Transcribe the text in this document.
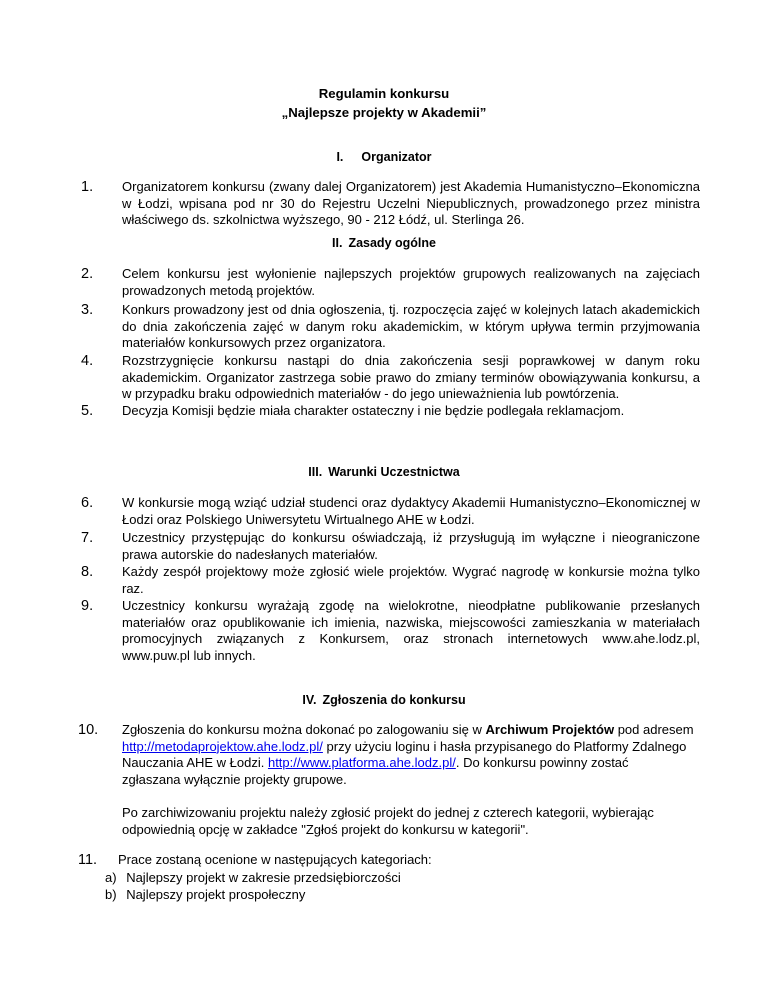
Regulamin konkursu
„Najlepsze projekty w Akademii”
I. Organizator
1. Organizatorem konkursu (zwany dalej Organizatorem) jest Akademia Humanistyczno–Ekonomiczna
w Łodzi, wpisana pod nr 30 do Rejestru Uczelni Niepublicznych, prowadzonego przez ministra
właściwego ds. szkolnictwa wyższego, 90 - 212 Łódź, ul. Sterlinga 26.
II. Zasady ogólne
2. Celem konkursu jest wyłonienie najlepszych projektów grupowych realizowanych na zajęciach
prowadzonych metodą projektów.
3. Konkurs prowadzony jest od dnia ogłoszenia, tj. rozpoczęcia zajęć w kolejnych latach akademickich
do dnia zakończenia zajęć w danym roku akademickim, w którym upływa termin przyjmowania
materiałów konkursowych przez organizatora.
4. Rozstrzygnięcie konkursu nastąpi do dnia zakończenia sesji poprawkowej w danym roku
akademickim. Organizator zastrzega sobie prawo do zmiany terminów obowiązywania konkursu, a
w przypadku braku odpowiednich materiałów - do jego unieważnienia lub powtórzenia.
5. Decyzja Komisji będzie miała charakter ostateczny i nie będzie podlegała reklamacjom.
III. Warunki Uczestnictwa
6. W konkursie mogą wziąć udział studenci oraz dydaktycy Akademii Humanistyczno–Ekonomicznej w
Łodzi oraz Polskiego Uniwersytetu Wirtualnego AHE w Łodzi.
7. Uczestnicy przystępując do konkursu oświadczają, iż przysługują im wyłączne i nieograniczone
prawa autorskie do nadesłanych materiałów.
8. Każdy zespół projektowy może zgłosić wiele projektów. Wygrać nagrodę w konkursie można tylko
raz.
9. Uczestnicy konkursu wyrażają zgodę na wielokrotne, nieodpłatne publikowanie przesłanych
materiałów oraz opublikowanie ich imienia, nazwiska, miejscowości zamieszkania w materiałach
promocyjnych związanych z Konkursem, oraz stronach internetowych www.ahe.lodz.pl,
www.puw.pl lub innych.
IV. Zgłoszenia do konkursu
10. Zgłoszenia do konkursu można dokonać po zalogowaniu się w Archiwum Projektów pod adresem
http://metodaprojektow.ahe.lodz.pl/ przy użyciu loginu i hasła przypisanego do Platformy Zdalnego
Nauczania AHE w Łodzi. http://www.platforma.ahe.lodz.pl/. Do konkursu powinny zostać
zgłaszana wyłącznie projekty grupowe.
Po zarchiwizowaniu projektu należy zgłosić projekt do jednej z czterech kategorii, wybierając
odpowiednią opcję w zakładce "Zgłoś projekt do konkursu w kategorii".
11. Prace zostaną ocenione w następujących kategoriach:
a) Najlepszy projekt w zakresie przedsiębiorczości
b) Najlepszy projekt prospołeczny
